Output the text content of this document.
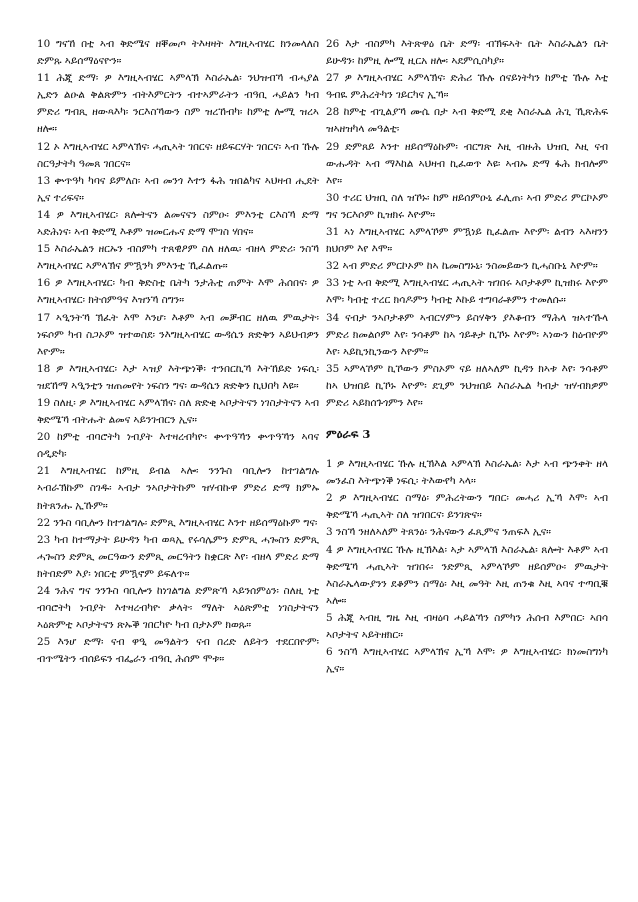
10 ግናኸ በቲ ኣብ ቅድሜና ዘቐመጦ ትእዛዛት እግዚኣብሄር ክንመላለስ ድምጹ ኣይሰማዕናዮን።

11 ሕጂ ድማ፡ ዎ እግዚኣብሄር ኣምላኽ እስራኤል፡ ንህዝብኻ ብሓያል ኢድን ልዑል ቅልጽምን ብትእምርትን ብተኣምራትን ብዓቢ ሓይልን ካብ ምድሪ ግብጺ ዘውጻእካ፡ ንርእስኻውን ስም ዝረኸብካ፡ ከምቲ ሎሚ ዝረኣ ዘሎ።

12 ኦ እግዚኣብሄር ኣምላኽና፡ ሓጢኣት ገበርና፡ ዘይፍርሃት ገበርና፡ ኣብ ኹሉ ስርዓታትካ ዓመጸ ገበርና።

13 ቍጥዓካ ካባና ይምለስ፡ ኣብ መንጎ እተን ፋሕ ዝበልካና ኣህዛብ ሒደት ኢና ተሪፍና።

14 ዎ እግዚኣብሄር፡ ጸሎትናን ልመናናን ስምዑ፡ ምእንቲ ርእስኻ ድማ ኣድሕነና፡ ኣብ ቅድሚ እቶም ዝመርሑና ድማ ሞገስ ሃበና።

15 እስራኤልን ዘርኡን ብስምካ ተጸዊዖም ስለ ዘለዉ፡ ብዘላ ምድሪ፡ ንስኻ እግዚኣብሄር ኣምላኽና ምዃንካ ምእንቲ ኺፈልጡ።

16 ዎ እግዚኣብሄር፡ ካብ ቅድስቲ ቤትካ ንታሕቲ ጠምት እሞ ሕሰበና፡ ዎ እግዚኣብሄር፡ ክትሰምዓና እዝንኻ ስግን።

17 ኣዒንትኻ ኽፈት እሞ እንሆ፡ እቶም ኣብ መቓብር ዘለዉ ምዉታት፡ ነፍሶም ካብ ስጋኦም ዝተወስደ፡ ንእግዚኣብሄር ውዳሴን ጽድቅን ኣይህብዎን እዮም።

18 ዎ እግዚኣብሄር፡ እታ ኣዝያ እትጭነቕ፡ ተንበርኪኻ እትኸይድ ነፍሲ፡ ዝደኸማ ኣዒንቲን ዝጠመየት ነፍስን ግና፡ ውዳሴን ጽድቅን ኪህበካ እዩ።

19 ስለዚ፡ ዎ እግዚኣብሄር ኣምላኽና፡ ስለ ጽድቂ ኣቦታትናን ነገስታትናን ኣብ ቅድሜኻ ብትሑት ልመና ኣይንገብርን ኢና።

20 ከምቲ ብባሮትካ ነብያት እተዛረብካዮ፡ ቍጥዓኻን ቍጥዓኻን ኣባና ሰዲድካ፡

21 እግዚኣብሄር ከምዚ ይብል ኣሎ፡ ንንጉስ ባቢሎን ከተገልግሉ ኣብራኽኩም ስገዱ፡ ኣብታ ንኣቦታትኩም ዝሃብኩዋ ምድሪ ድማ ክምኡ ክትጸንሑ ኢኹም።

22 ንጉስ ባቢሎን ከተገልግሉ፡ ድምጺ እግዚኣብሄር እንተ ዘይሰማዕኩም ግና፡

23 ካብ ከተማታት ይሁዳን ካብ ወጻኢ የሩሳሌምን ድምጺ ሓጐስን ድምጺ ሓጐስን ድምጺ መርዓውን ድምጺ መርዓትን ከቋርጽ እየ፡ ብዘላ ምድሪ ድማ ክትበድም እያ፡ ነበርቲ ምዃኖም ይፍለጥ።

24 ንሕና ግና ንንጉስ ባቢሎን ከነገልግል ድምጽኻ ኣይንሰምዕን፡ ስለዚ ነቲ ብባሮትካ ነብያት እተዛረብካዮ ቃላት፡ ማለት ኣዕጽምቲ ነገስታትናን ኣዕጽምቲ ኣቦታትናን ጽኡቕ ገበርካዮ ካብ በታኦም ክወጹ።

25 እንሆ ድማ፡ ናብ ዋዒ መዓልትን ናብ በረድ ለይትን ተደርበዮም፡ ብጥሜትን ብሰይፍን ብፌራን ብዓቢ ሕሰም ሞቱ።

26 እታ ብስምካ እትጽዋዕ ቤት ድማ፡ ብኽፍኣት ቤት እስራኤልን ቤት ይሁዳን፡ ከምዚ ሎሚ ዚርአ ዘሎ፡ ኣደምሲስካያ።

27 ዎ እግዚኣብሄር ኣምላኽና፡ ድሕሪ ኹሉ ሰናይነትካን ከምቲ ኹሉ እቲ ዓብዪ ምሕረትካን ገይርካና ኢኻ።

28 ከምቲ ብጊልያኻ ሙሴ በታ ኣብ ቅድሚ ደቂ እስራኤል ሕጊ ኺጽሕፍ ዝኣዘዝካላ መዓልቲ፡

29 ድምጸይ እንተ ዘይሰማዕኩም፡ ብርግጽ እዚ ብዙሕ ህዝቢ እዚ ናብ ውሑዳት ኣብ ማእከል ኣህዛብ ኪፈወጥ እዩ፡ ኣብኡ ድማ ፋሕ ክብሎም እየ።

30 ተሪር ህዝቢ ስለ ዝኾኑ፡ ከም ዘይሰምዑኒ ፈሊጠ፡ ኣብ ምድሪ ምርኮኦም ግና ንርእሶም ኪዝክሩ እዮም።

31 ኣነ እግዚኣብሄር ኣምላኾም ምዃነይ ኪፈልጡ እዮም፡ ልብን ኣእዛንን ክህቦም እየ እሞ።

32 ኣብ ምድሪ ምርኮኦም ከኣ ኬመስግኑኒ፡ ንስመይውን ኪሓስቡኒ እዮም።

33 ነቲ ኣብ ቅድሚ እግዚኣብሄር ሓጢኣት ዝገበሩ ኣቦታቶም ኪዝክሩ እዮም እሞ፡ ካብቲ ተረር ክሳዶምን ካብቲ እኩይ ተግባራቶምን ተመለሱ።

34 ናብታ ንኣቦታቶም ኣብርሃምን ይስሃቅን ያእቆብን ማሕላ ዝኣተኹላ ምድሪ ክመልሶም እየ፡ ንሳቶም ከኣ ጎይቶታ ኪኾኑ እዮም፡ ኣነውን ከዕብዮም እየ፡ ኣይኪንኪንውን እዮም።

35 ኣምላኾም ኪኾውን ምስኦም ናይ ዘለኣለም ኪዳን ክኣቱ እየ፡ ንሳቶም ከኣ ህዝበይ ኪኾኑ እዮም፡ ደጊም ንህዝበይ እስራኤል ካብታ ዝሃብክዎም ምድሪ ኣይክሰጉጎምን እየ።

ምዕራፍ 3

1 ዎ እግዚኣብሄር ኹሉ ዚኽእል ኣምላኽ እስራኤል፡ እታ ኣብ ጭንቀት ዘላ መንፈስ እትጭነቕ ነፍሲ፡ ትእውየካ ኣላ።

2 ዎ እግዚኣብሄር ስማዕ፡ ምሕረትውን ግበር፡ መሓሪ ኢኻ እሞ፡ ኣብ ቅድሜኻ ሓጢኣት ስለ ዝገበርና፡ ይንገጽና።

3 ንስኻ ንዘለኣለም ትጸንዕ፡ ንሕናውን ፈጺምና ንጠፍእ ኢና።

4 ዎ እግዚኣብሄር ኹሉ ዚኽእል፡ ኣታ ኣምላኽ እስራኤል፡ ጸሎት እቶም ኣብ ቅድሜኻ ሓጢኣት ዝገበሩ፡ ንድምጺ ኣምላኾም ዘይሰምዑ፡ ምዉታት እስራኤላውያንን ደቆምን ስማዕ፡ እዚ መዓት እዚ ጠንቁ እዚ ኣባና ተጣቢቑ ኣሎ።

5 ሕጂ ኣብዚ ግዜ እዚ ብዛዕባ ሓይልኻን ስምካን ሕሰብ እምበር፡ ኣበሳ ኣቦታትና ኣይትዘክር።

6 ንስኻ እግዚኣብሄር ኣምላኽና ኢኻ እሞ፡ ዎ እግዚኣብሄር፡ ክነመስግነካ ኢና።
